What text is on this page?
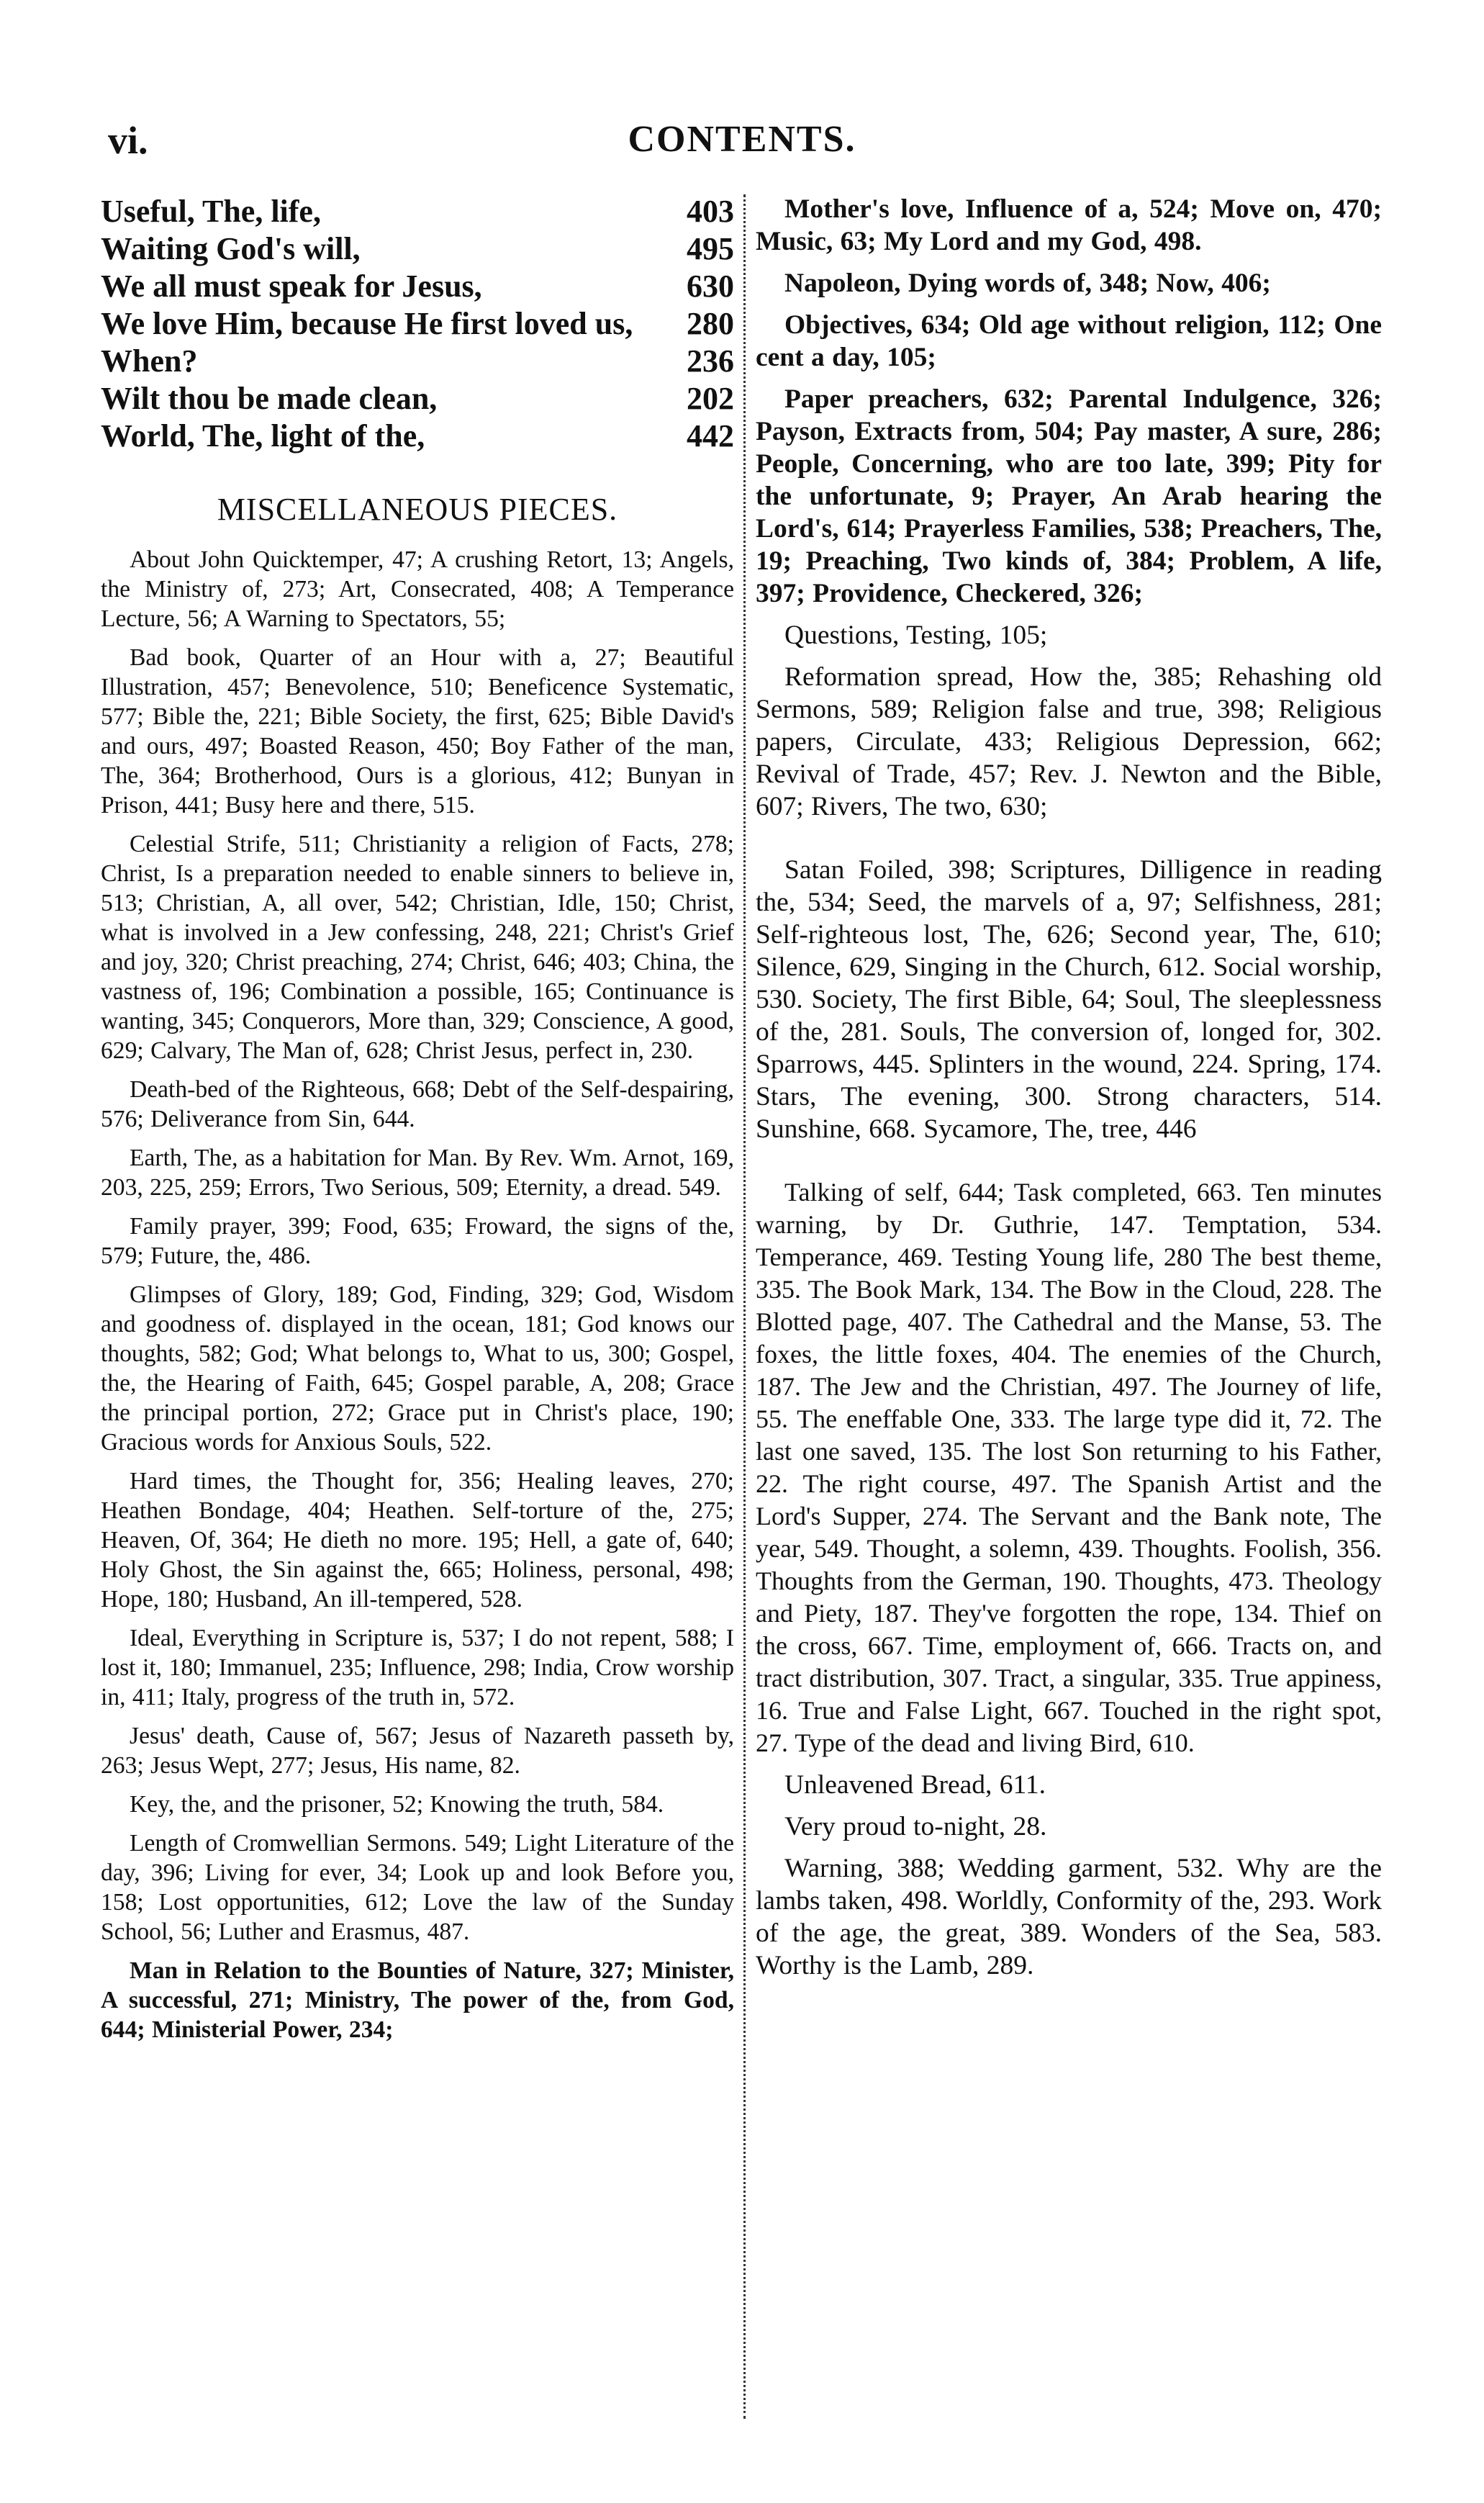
vi.	CONTENTS.
Useful, The, life,	403
Waiting God's will,	495
We all must speak for Jesus,	630
We love Him, because He first loved us, 280
When?	236
Wilt thou be made clean,	202
World, The, light of the,	442
MISCELLANEOUS PIECES.

About John Quicktemper, 47; A crushing Retort, 13; Angels, the Ministry of, 273; Art, Consecrated, 408; A Temperance Lecture, 56; A Warning to Spectators, 55;

Bad book, Quarter of an Hour with a, 27; Beautiful Illustration, 457; Benevolence, 510; Beneficence Systematic, 577; Bible the, 221; Bible Society, the first, 625; Bible David's and ours, 497; Boasted Reason, 450; Boy Father of the man, The, 364; Brotherhood, Ours is a glorious, 412; Bunyan in Prison, 441; Busy here and there, 515.

Celestial Strife, 511; Christianity a religion of Facts, 278; Christ, Is a preparation needed to enable sinners to believe in, 513; Christian, A, all over, 542; Christian, Idle, 150; Christ, what is involved in a Jew confessing, 248, 221; Christ's Grief and joy, 320; Christ preaching, 274; Christ, 646; 403; China, the vastness of, 196; Combination a possible, 165; Continuance is wanting, 345; Conquerors, More than, 329; Conscience, A good, 629; Calvary, The Man of, 628; Christ Jesus, perfect in, 230.

Death-bed of the Righteous, 668; Debt of the Self-despairing, 576; Deliverance from Sin, 644.

Earth, The, as a habitation for Man. By Rev. Wm. Arnot, 169, 203, 225, 259; Errors, Two Serious, 509; Eternity, a dread. 549.

Family prayer, 399; Food, 635; Froward, the signs of the, 579; Future, the, 486.

Glimpses of Glory, 189; God, Finding, 329; God, Wisdom and goodness of. displayed in the ocean, 181; God knows our thoughts, 582; God; What belongs to, What to us, 300; Gospel, the, the Hearing of Faith, 645; Gospel parable, A, 208; Grace the principal portion, 272; Grace put in Christ's place, 190; Gracious words for Anxious Souls, 522.

Hard times, the Thought for, 356; Healing leaves, 270; Heathen Bondage, 404; Heathen. Self-torture of the, 275; Heaven, Of, 364; He dieth no more. 195; Hell, a gate of, 640; Holy Ghost, the Sin against the, 665; Holiness, personal, 498; Hope, 180; Husband, An ill-tempered, 528.

Ideal, Everything in Scripture is, 537; I do not repent, 588; I lost it, 180; Immanuel, 235; Influence, 298; India, Crow worship in, 411; Italy, progress of the truth in, 572.

Jesus' death, Cause of, 567; Jesus of Nazareth passeth by, 263; Jesus Wept, 277; Jesus, His name, 82.

Key, the, and the prisoner, 52; Knowing the truth, 584.

Length of Cromwellian Sermons. 549; Light Literature of the day, 396; Living for ever, 34; Look up and look Before you, 158; Lost opportunities, 612; Love the law of the Sunday School, 56; Luther and Erasmus, 487.

Man in Relation to the Bounties of Nature, 327; Minister, A successful, 271; Ministry, The power of the, from God, 644; Ministerial Power, 234;

Mother's love, Influence of a, 524; Move on, 470; Music, 63; My Lord and my God, 498.

Napoleon, Dying words of, 348; Now, 406;

Objectives, 634; Old age without religion, 112; One cent a day, 105;

Paper preachers, 632; Parental Indulgence, 326; Payson, Extracts from, 504; Pay master, A sure, 286; People, Concerning, who are too late, 399; Pity for the unfortunate, 9; Prayer, An Arab hearing the Lord's, 614; Prayerless Families, 538; Preachers, The, 19; Preaching, Two kinds of, 384; Problem, A life, 397; Providence, Checkered, 326;

Questions, Testing, 105;

Reformation spread, How the, 385; Rehashing old Sermons, 589; Religion false and true, 398; Religious papers, Circulate, 433; Religious Depression, 662; Revival of Trade, 457; Rev. J. Newton and the Bible, 607; Rivers, The two, 630;

Satan Foiled, 398; Scriptures, Dilligence in reading the, 534; Seed, the marvels of a, 97; Selfishness, 281; Self-righteous lost, The, 626; Second year, The, 610; Silence, 629, Singing in the Church, 612. Social worship, 530. Society, The first Bible, 64; Soul, The sleeplessness of the, 281. Souls, The conversion of, longed for, 302. Sparrows, 445. Splinters in the wound, 224. Spring, 174. Stars, The evening, 300. Strong characters, 514. Sunshine, 668. Sycamore, The, tree, 446

Talking of self, 644; Task completed, 663. Ten minutes warning, by Dr. Guthrie, 147. Temptation, 534. Temperance, 469. Testing Young life, 280 The best theme, 335. The Book Mark, 134. The Bow in the Cloud, 228. The Blotted page, 407. The Cathedral and the Manse, 53. The foxes, the little foxes, 404. The enemies of the Church, 187. The Jew and the Christian, 497. The Journey of life, 55. The eneffable One, 333. The large type did it, 72. The last one saved, 135. The lost Son returning to his Father, 22. The right course, 497. The Spanish Artist and the Lord's Supper, 274. The Servant and the Bank note, The year, 549. Thought, a solemn, 439. Thoughts. Foolish, 356. Thoughts from the German, 190. Thoughts, 473. Theology and Piety, 187. They've forgotten the rope, 134. Thief on the cross, 667. Time, employment of, 666. Tracts on, and tract distribution, 307. Tract, a singular, 335. True appiness, 16. True and False Light, 667. Touched in the right spot, 27. Type of the dead and living Bird, 610.

Unleavened Bread, 611.

Very proud to-night, 28.

Warning, 388; Wedding garment, 532. Why are the lambs taken, 498. Worldly, Conformity of the, 293. Work of the age, the great, 389. Wonders of the Sea, 583. Worthy is the Lamb, 289.
